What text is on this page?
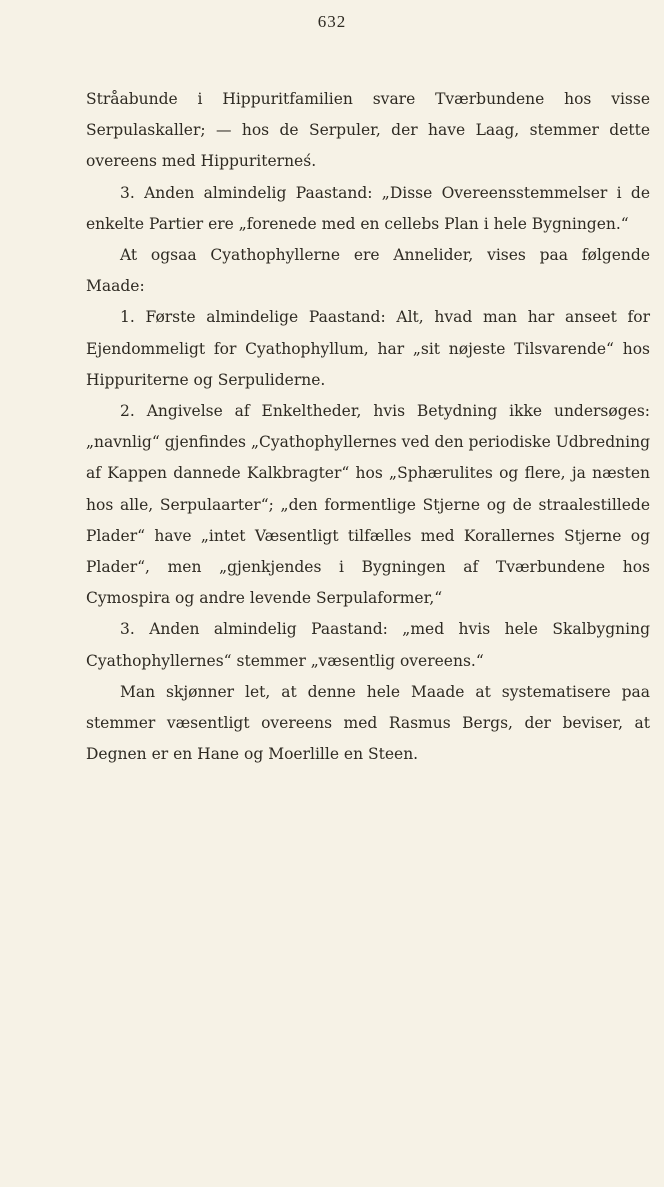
632

Stråabunde i Hippuritfamilien svare Tværbundene hos visse Serpulaskaller; — hos de Serpuler, der have Laag, stemmer dette overeens med Hippuriterneś.

3. Anden almindelig Paastand: „Disse Overeensstemmelser i de enkelte Partier ere „forenede med en cellebs Plan i hele Bygningen.“

At ogsaa Cyathophyllerne ere Annelider, vises paa følgende Maade:

1. Første almindelige Paastand: Alt, hvad man har anseet for Ejendommeligt for Cyathophyllum, har „sit nøjeste Tilsvarende“ hos Hippuriterne og Serpuliderne.

2. Angivelse af Enkeltheder, hvis Betydning ikke undersøges: „navnlig“ gjenfindes „Cyathophyllernes ved den periodiske Udbredning af Kappen dannede Kalkbragter“ hos „Sphærulites og flere, ja næsten hos alle, Serpulaarter“; „den formentlige Stjerne og de straalestillede Plader“ have „intet Væsentligt tilfælles med Korallernes Stjerne og Plader“, men „gjenkjendes i Bygningen af Tværbundene hos Cymospira og andre levende Serpulaformer,“

3. Anden almindelig Paastand: „med hvis hele Skalbygning Cyathophyllernes“ stemmer „væsentlig overeens.“

Man skjønner let, at denne hele Maade at systematisere paa stemmer væsentligt overeens med Rasmus Bergs, der beviser, at Degnen er en Hane og Moerlille en Steen.
